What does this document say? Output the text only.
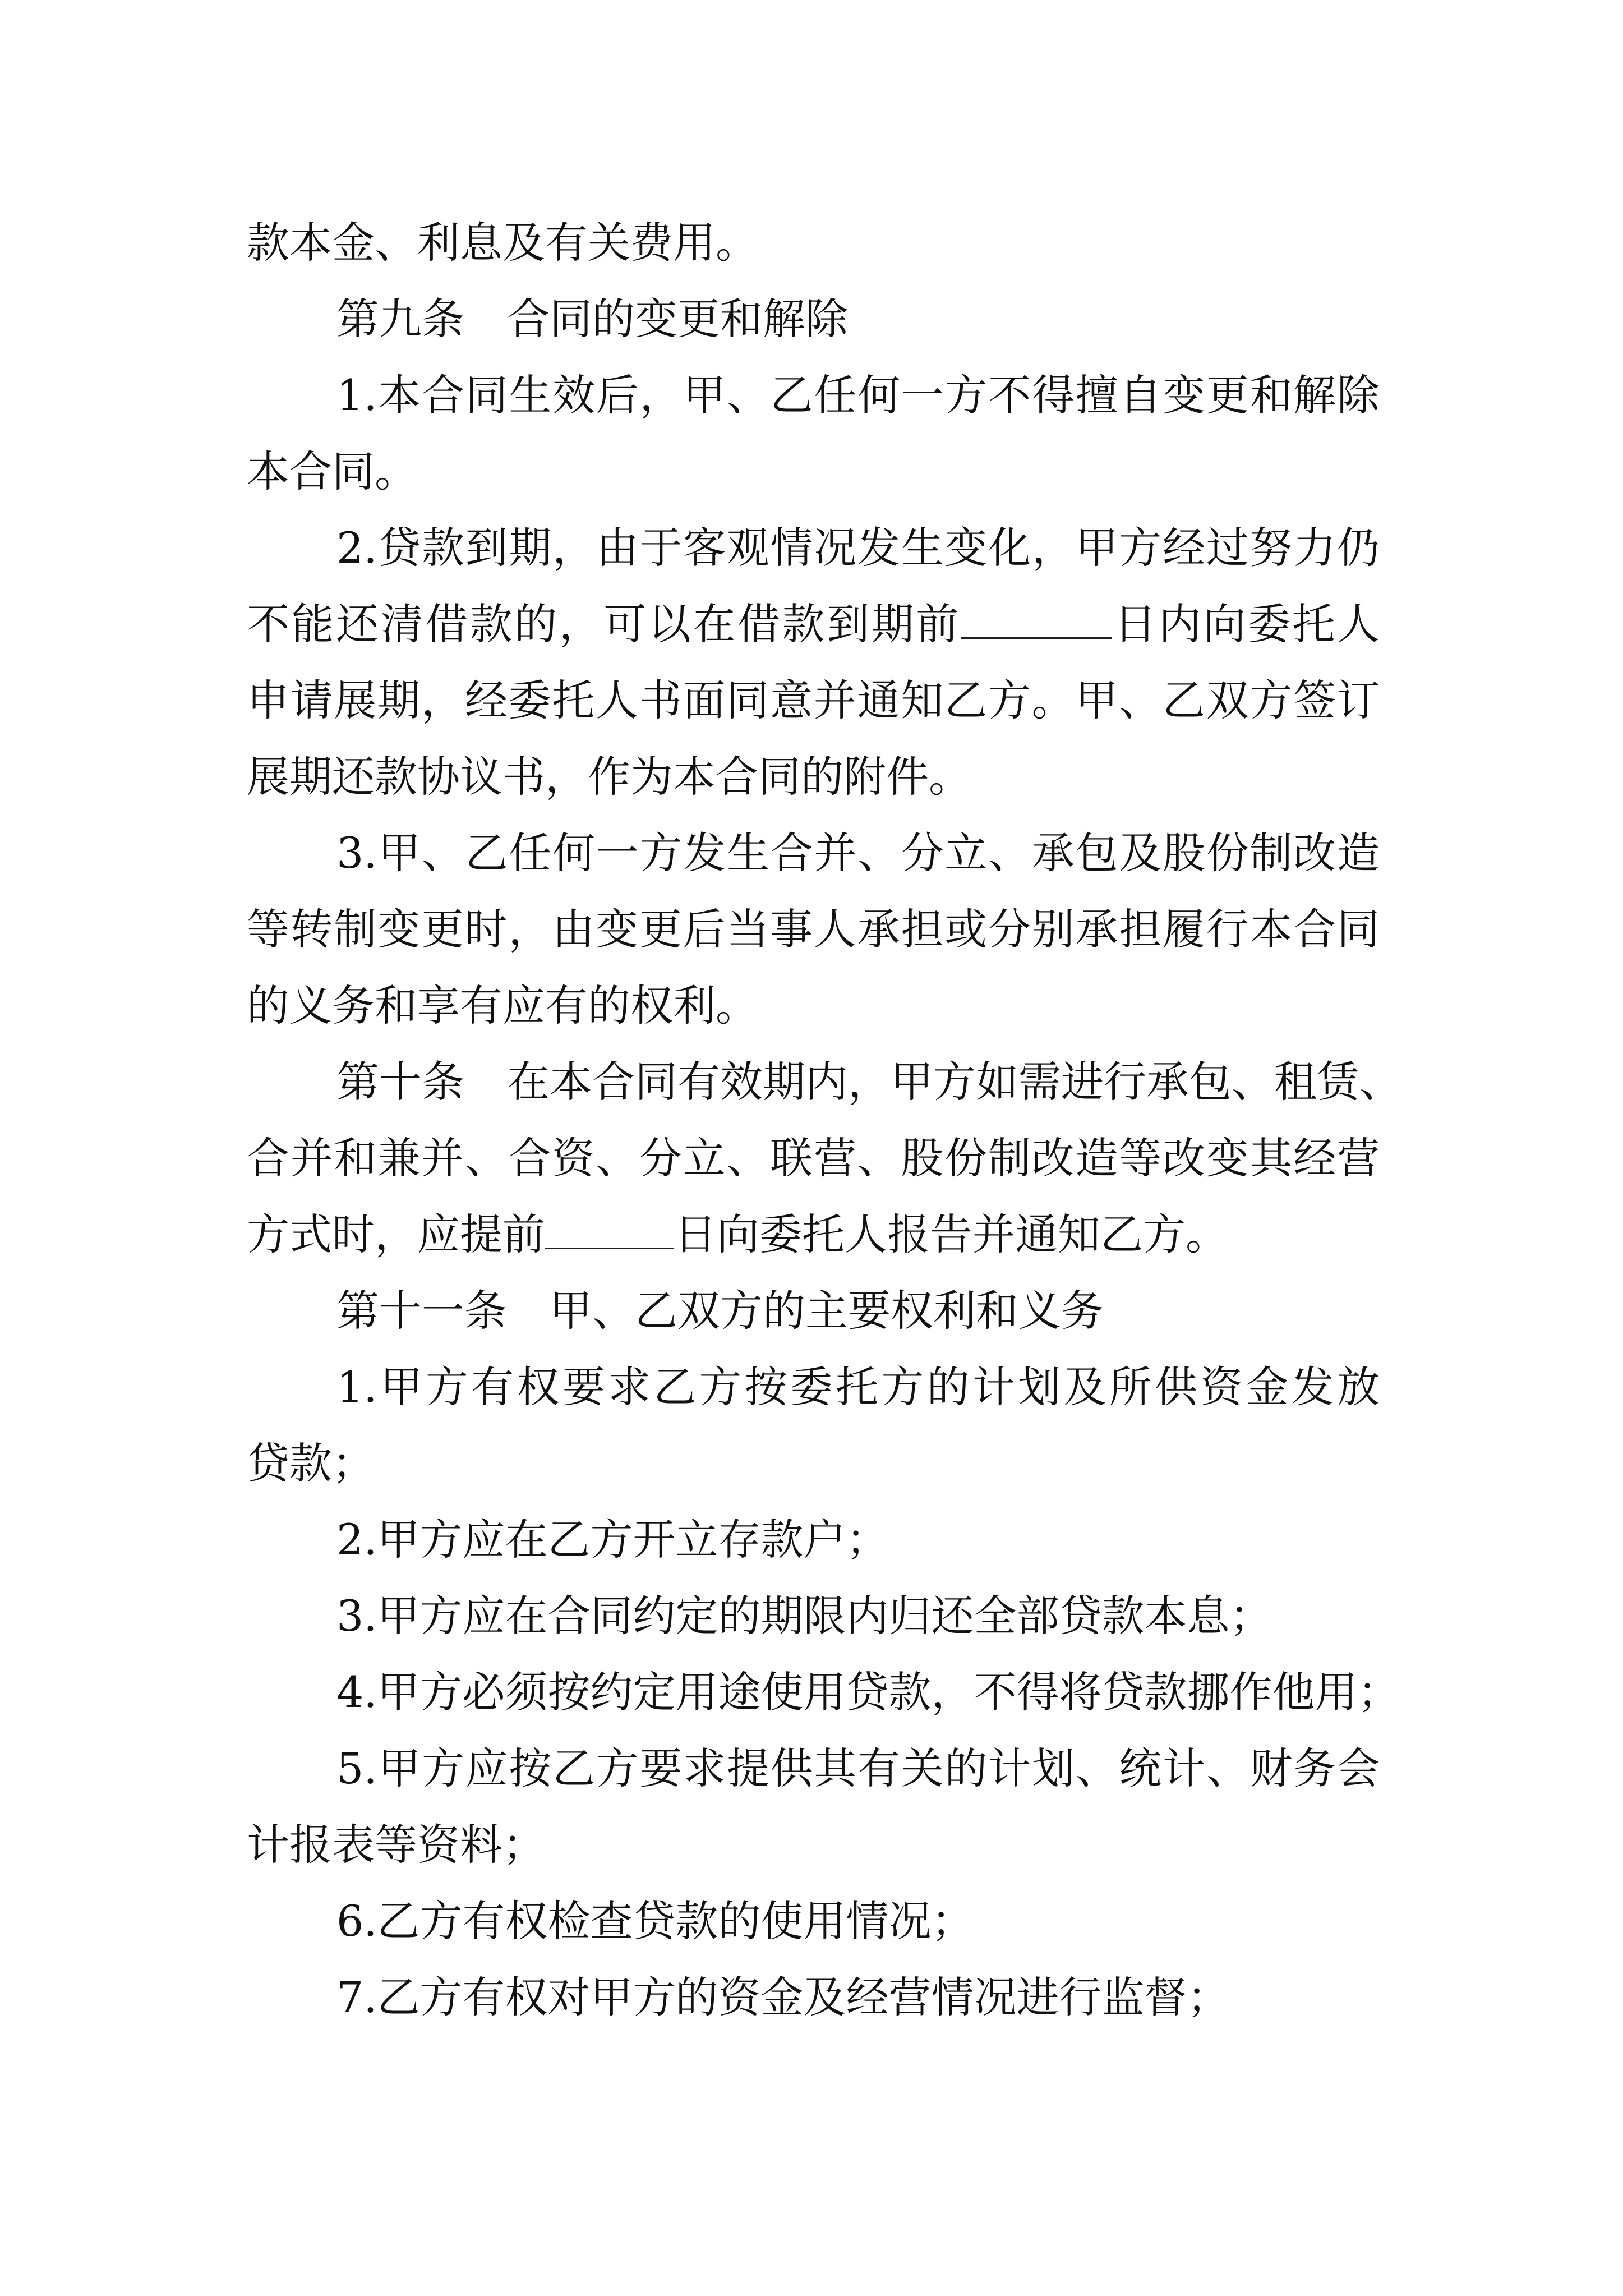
款本金、利息及有关费用。
第九条 合同的变更和解除
1.本合同生效后，甲、乙任何一方不得擅自变更和解除
本合同。
2.贷款到期，由于客观情况发生变化，甲方经过努力仍
不能还清借款的，可以在借款到期前	日内向委托人
申请展期，经委托人书面同意并通知乙方。甲、乙双方签订
展期还款协议书，作为本合同的附件。
3.甲、乙任何一方发生合并、分立、承包及股份制改造
等转制变更时，由变更后当事人承担或分别承担履行本合同
的义务和享有应有的权利。
第十条 在本合同有效期内，甲方如需进行承包、租赁、
合并和兼并、合资、分立、联营、股份制改造等改变其经营
方式时，应提前	日向委托人报告并通知乙方。
第十一条 甲、乙双方的主要权利和义务
1.甲方有权要求乙方按委托方的计划及所供资金发放
贷款；
2.甲方应在乙方开立存款户；
3.甲方应在合同约定的期限内归还全部贷款本息；
4.甲方必须按约定用途使用贷款，不得将贷款挪作他用；
5.甲方应按乙方要求提供其有关的计划、统计、财务会
计报表等资料；
6.乙方有权检查贷款的使用情况；
7.乙方有权对甲方的资金及经营情况进行监督；
